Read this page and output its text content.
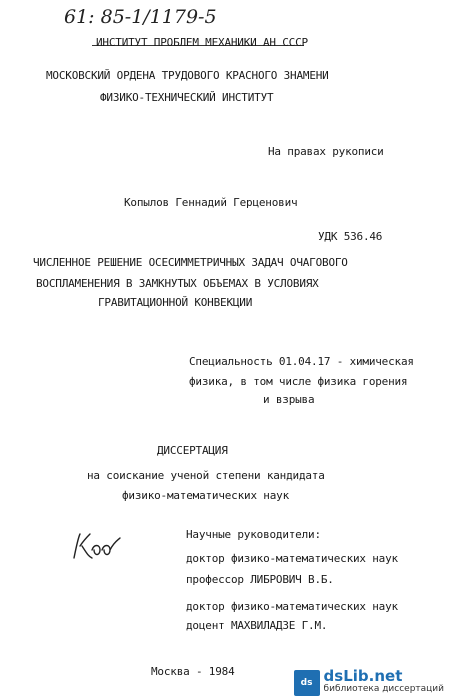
61: 85-1/1179-5
ИНСТИТУТ ПРОБЛЕМ МЕХАНИКИ АН СССР
МОСКОВСКИЙ ОРДЕНА ТРУДОВОГО КРАСНОГО ЗНАМЕНИ
ФИЗИКО-ТЕХНИЧЕСКИЙ ИНСТИТУТ
На правах рукописи
Копылов Геннадий Герценович
УДК 536.46
ЧИСЛЕННОЕ РЕШЕНИЕ ОСЕСИММЕТРИЧНЫХ ЗАДАЧ ОЧАГОВОГО
ВОСПЛАМЕНЕНИЯ В ЗАМКНУТЫХ ОБЪЕМАХ В УСЛОВИЯХ
ГРАВИТАЦИОННОЙ КОНВЕКЦИИ
Специальность 01.04.17 - химическая
физика, в том числе физика горения
и взрыва
ДИССЕРТАЦИЯ
на соискание ученой степени кандидата
физико-математических наук
Научные руководители:
доктор физико-математических наук
профессор ЛИБРОВИЧ В.Б.
доктор физико-математических наук
доцент МАХВИЛАДЗЕ Г.М.
Москва - 1984
ds dsLib.net
библиотека диссертаций
